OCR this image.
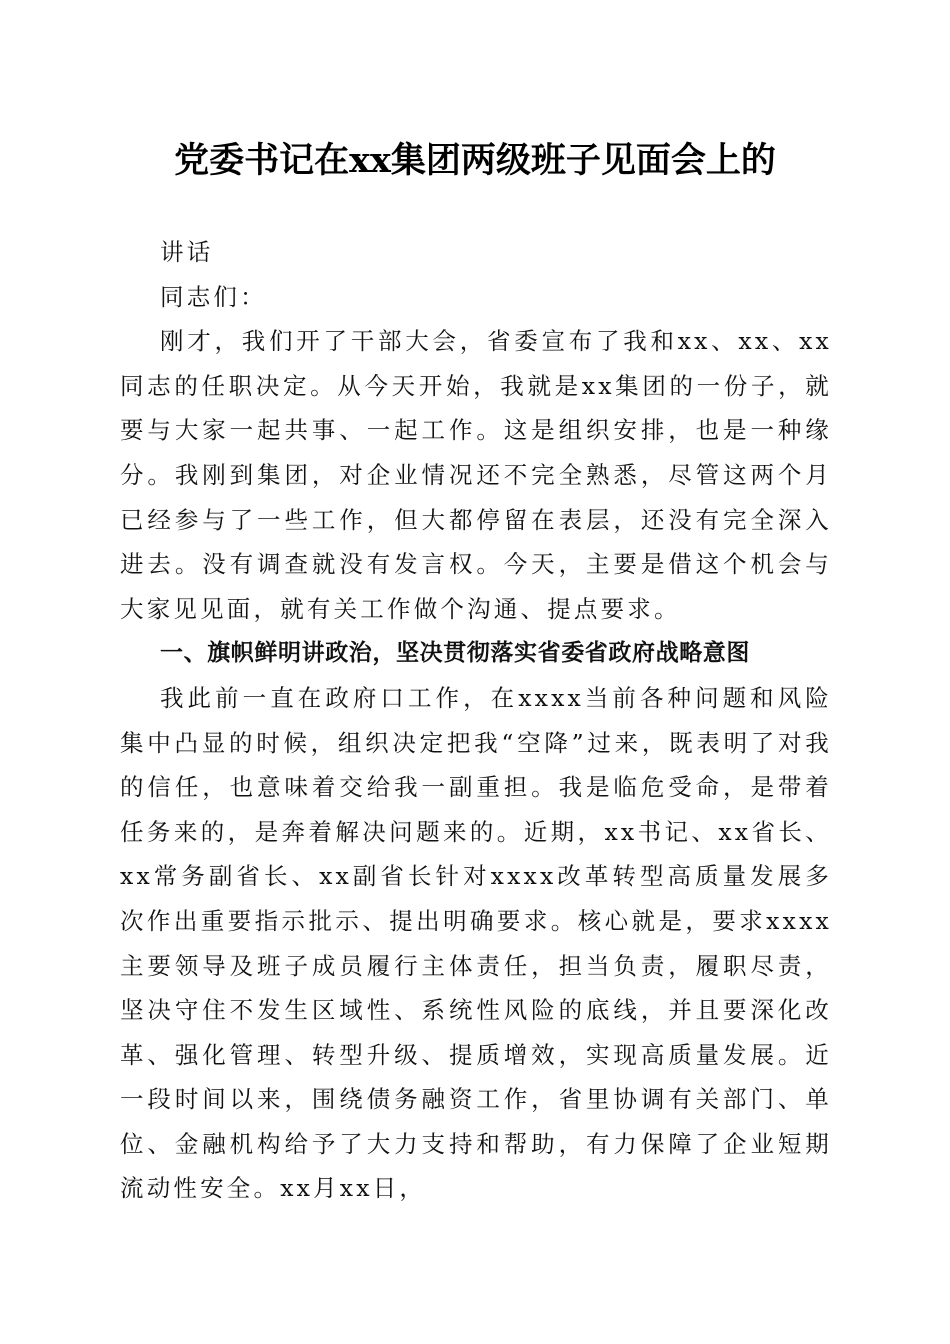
党委书记在xx集团两级班子见面会上的

讲话

同志们：

刚才，我们开了干部大会，省委宣布了我和xx、xx、xx同志的任职决定。从今天开始，我就是xx集团的一份子，就要与大家一起共事、一起工作。这是组织安排，也是一种缘分。我刚到集团，对企业情况还不完全熟悉，尽管这两个月已经参与了一些工作，但大都停留在表层，还没有完全深入进去。没有调查就没有发言权。今天，主要是借这个机会与大家见见面，就有关工作做个沟通、提点要求。

一、旗帜鲜明讲政治，坚决贯彻落实省委省政府战略意图

我此前一直在政府口工作，在xxxx当前各种问题和风险集中凸显的时候，组织决定把我“空降”过来，既表明了对我的信任，也意味着交给我一副重担。我是临危受命，是带着任务来的，是奔着解决问题来的。近期，xx书记、xx省长、xx常务副省长、xx副省长针对xxxx改革转型高质量发展多次作出重要指示批示、提出明确要求。核心就是，要求xxxx主要领导及班子成员履行主体责任，担当负责，履职尽责，坚决守住不发生区域性、系统性风险的底线，并且要深化改革、强化管理、转型升级、提质增效，实现高质量发展。近一段时间以来，围绕债务融资工作，省里协调有关部门、单位、金融机构给予了大力支持和帮助，有力保障了企业短期流动性安全。xx月xx日，
